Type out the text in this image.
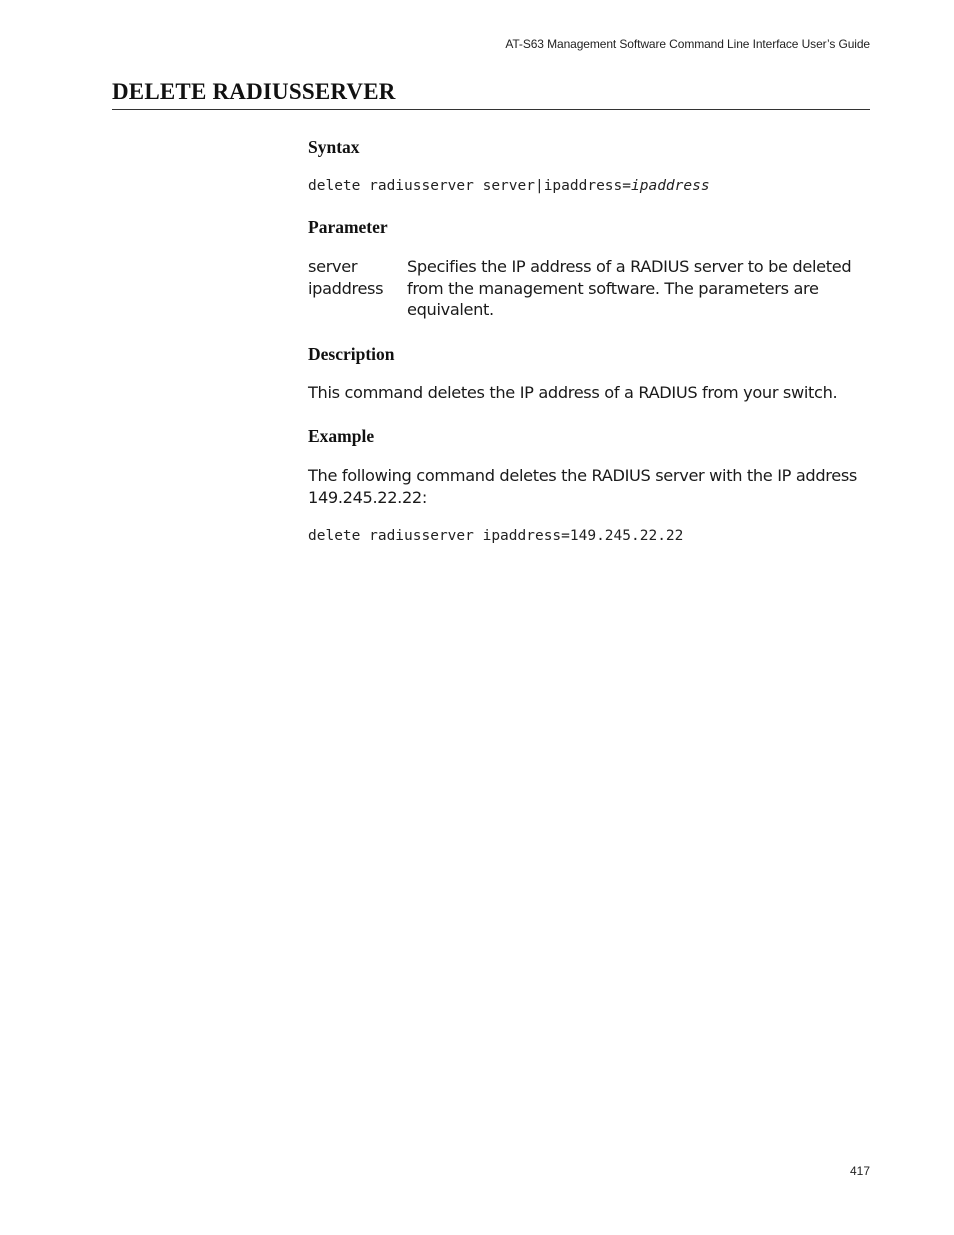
AT-S63 Management Software Command Line Interface User’s Guide
DELETE RADIUSSERVER
Syntax

delete radiusserver server|ipaddress=ipaddress

Parameter
server
ipaddress
Specifies the IP address of a RADIUS server to be deleted
from the management software. The parameters are
equivalent.
Description

This command deletes the IP address of a RADIUS from your switch.

Example
The following command deletes the RADIUS server with the IP address
149.245.22.22:

delete radiusserver ipaddress=149.245.22.22

417
